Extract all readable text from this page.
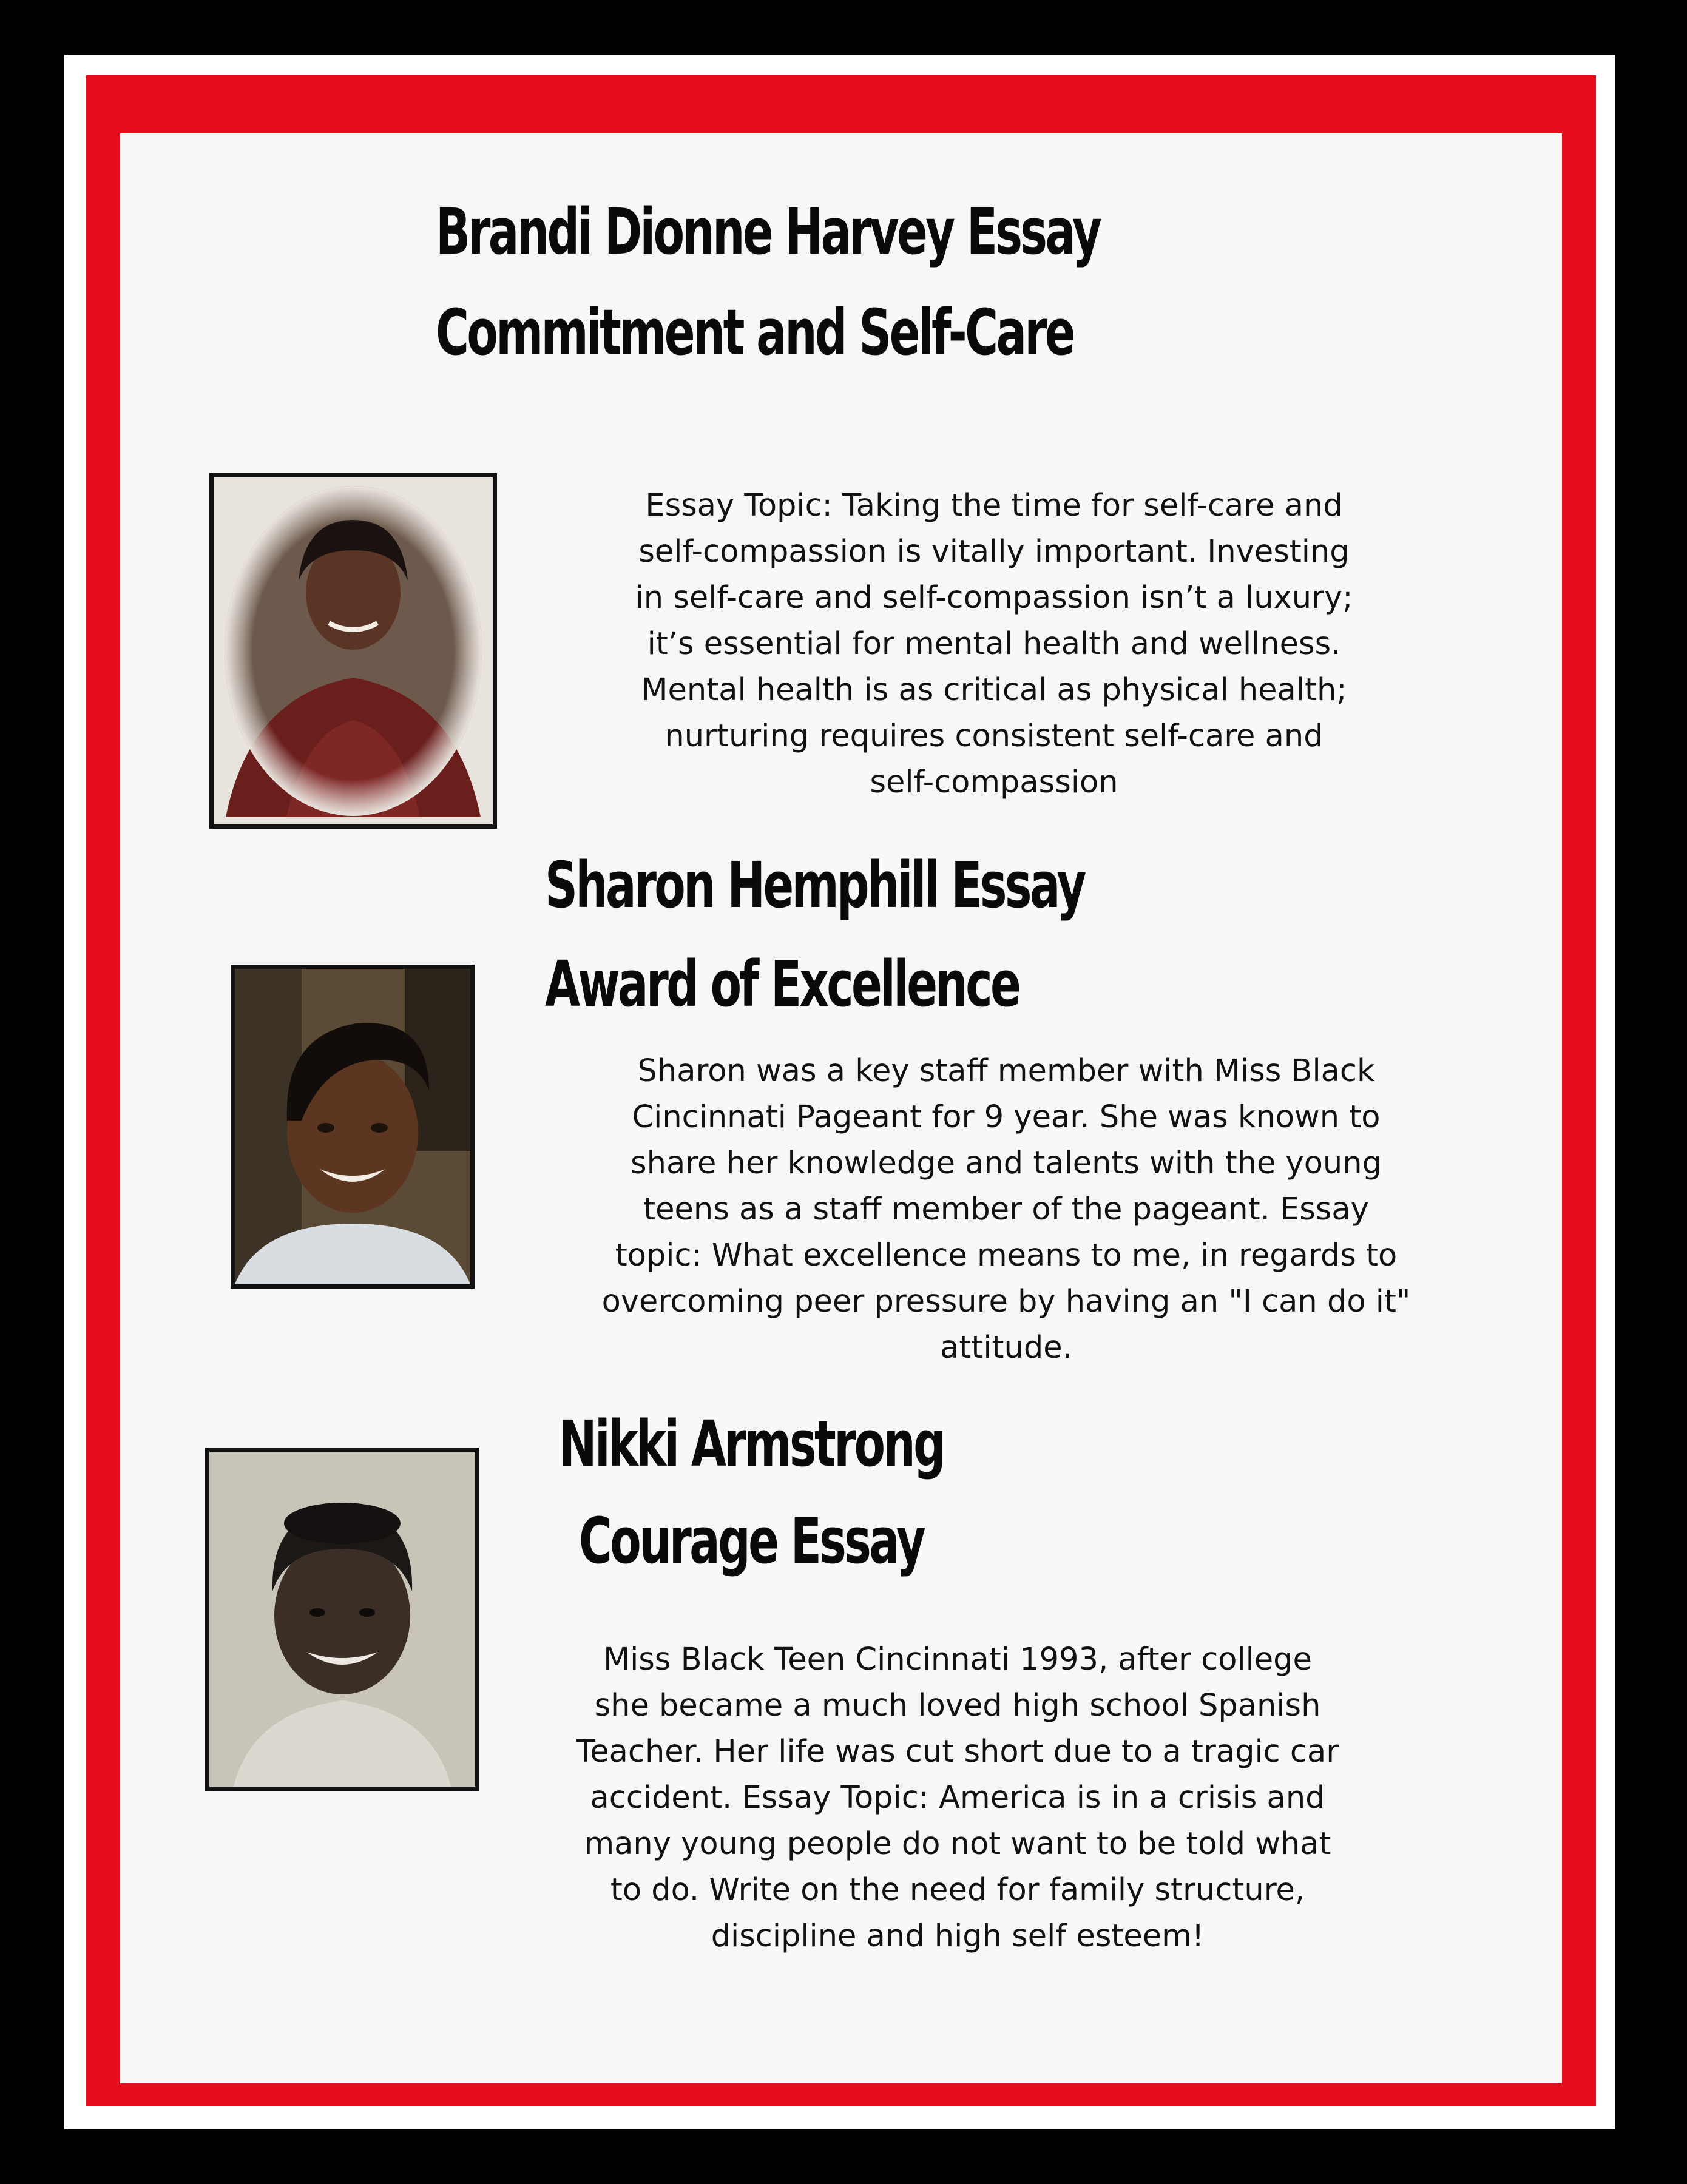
Brandi Dionne Harvey Essay
Commitment and Self-Care

Essay Topic: Taking the time for self-care and
self-compassion is vitally important. Investing
in self-care and self-compassion isn’t a luxury;
it’s essential for mental health and wellness.
Mental health is as critical as physical health;
nurturing requires consistent self-care and
self-compassion

Sharon Hemphill Essay
Award of Excellence

Sharon was a key staff member with Miss Black
Cincinnati Pageant for 9 year. She was known to
share her knowledge and talents with the young
teens as a staff member of the pageant. Essay
topic: What excellence means to me, in regards to
overcoming peer pressure by having an "I can do it"
attitude.

Nikki Armstrong
Courage Essay

Miss Black Teen Cincinnati 1993, after college
she became a much loved high school Spanish
Teacher. Her life was cut short due to a tragic car
accident. Essay Topic: America is in a crisis and
many young people do not want to be told what
to do. Write on the need for family structure,
discipline and high self esteem!
